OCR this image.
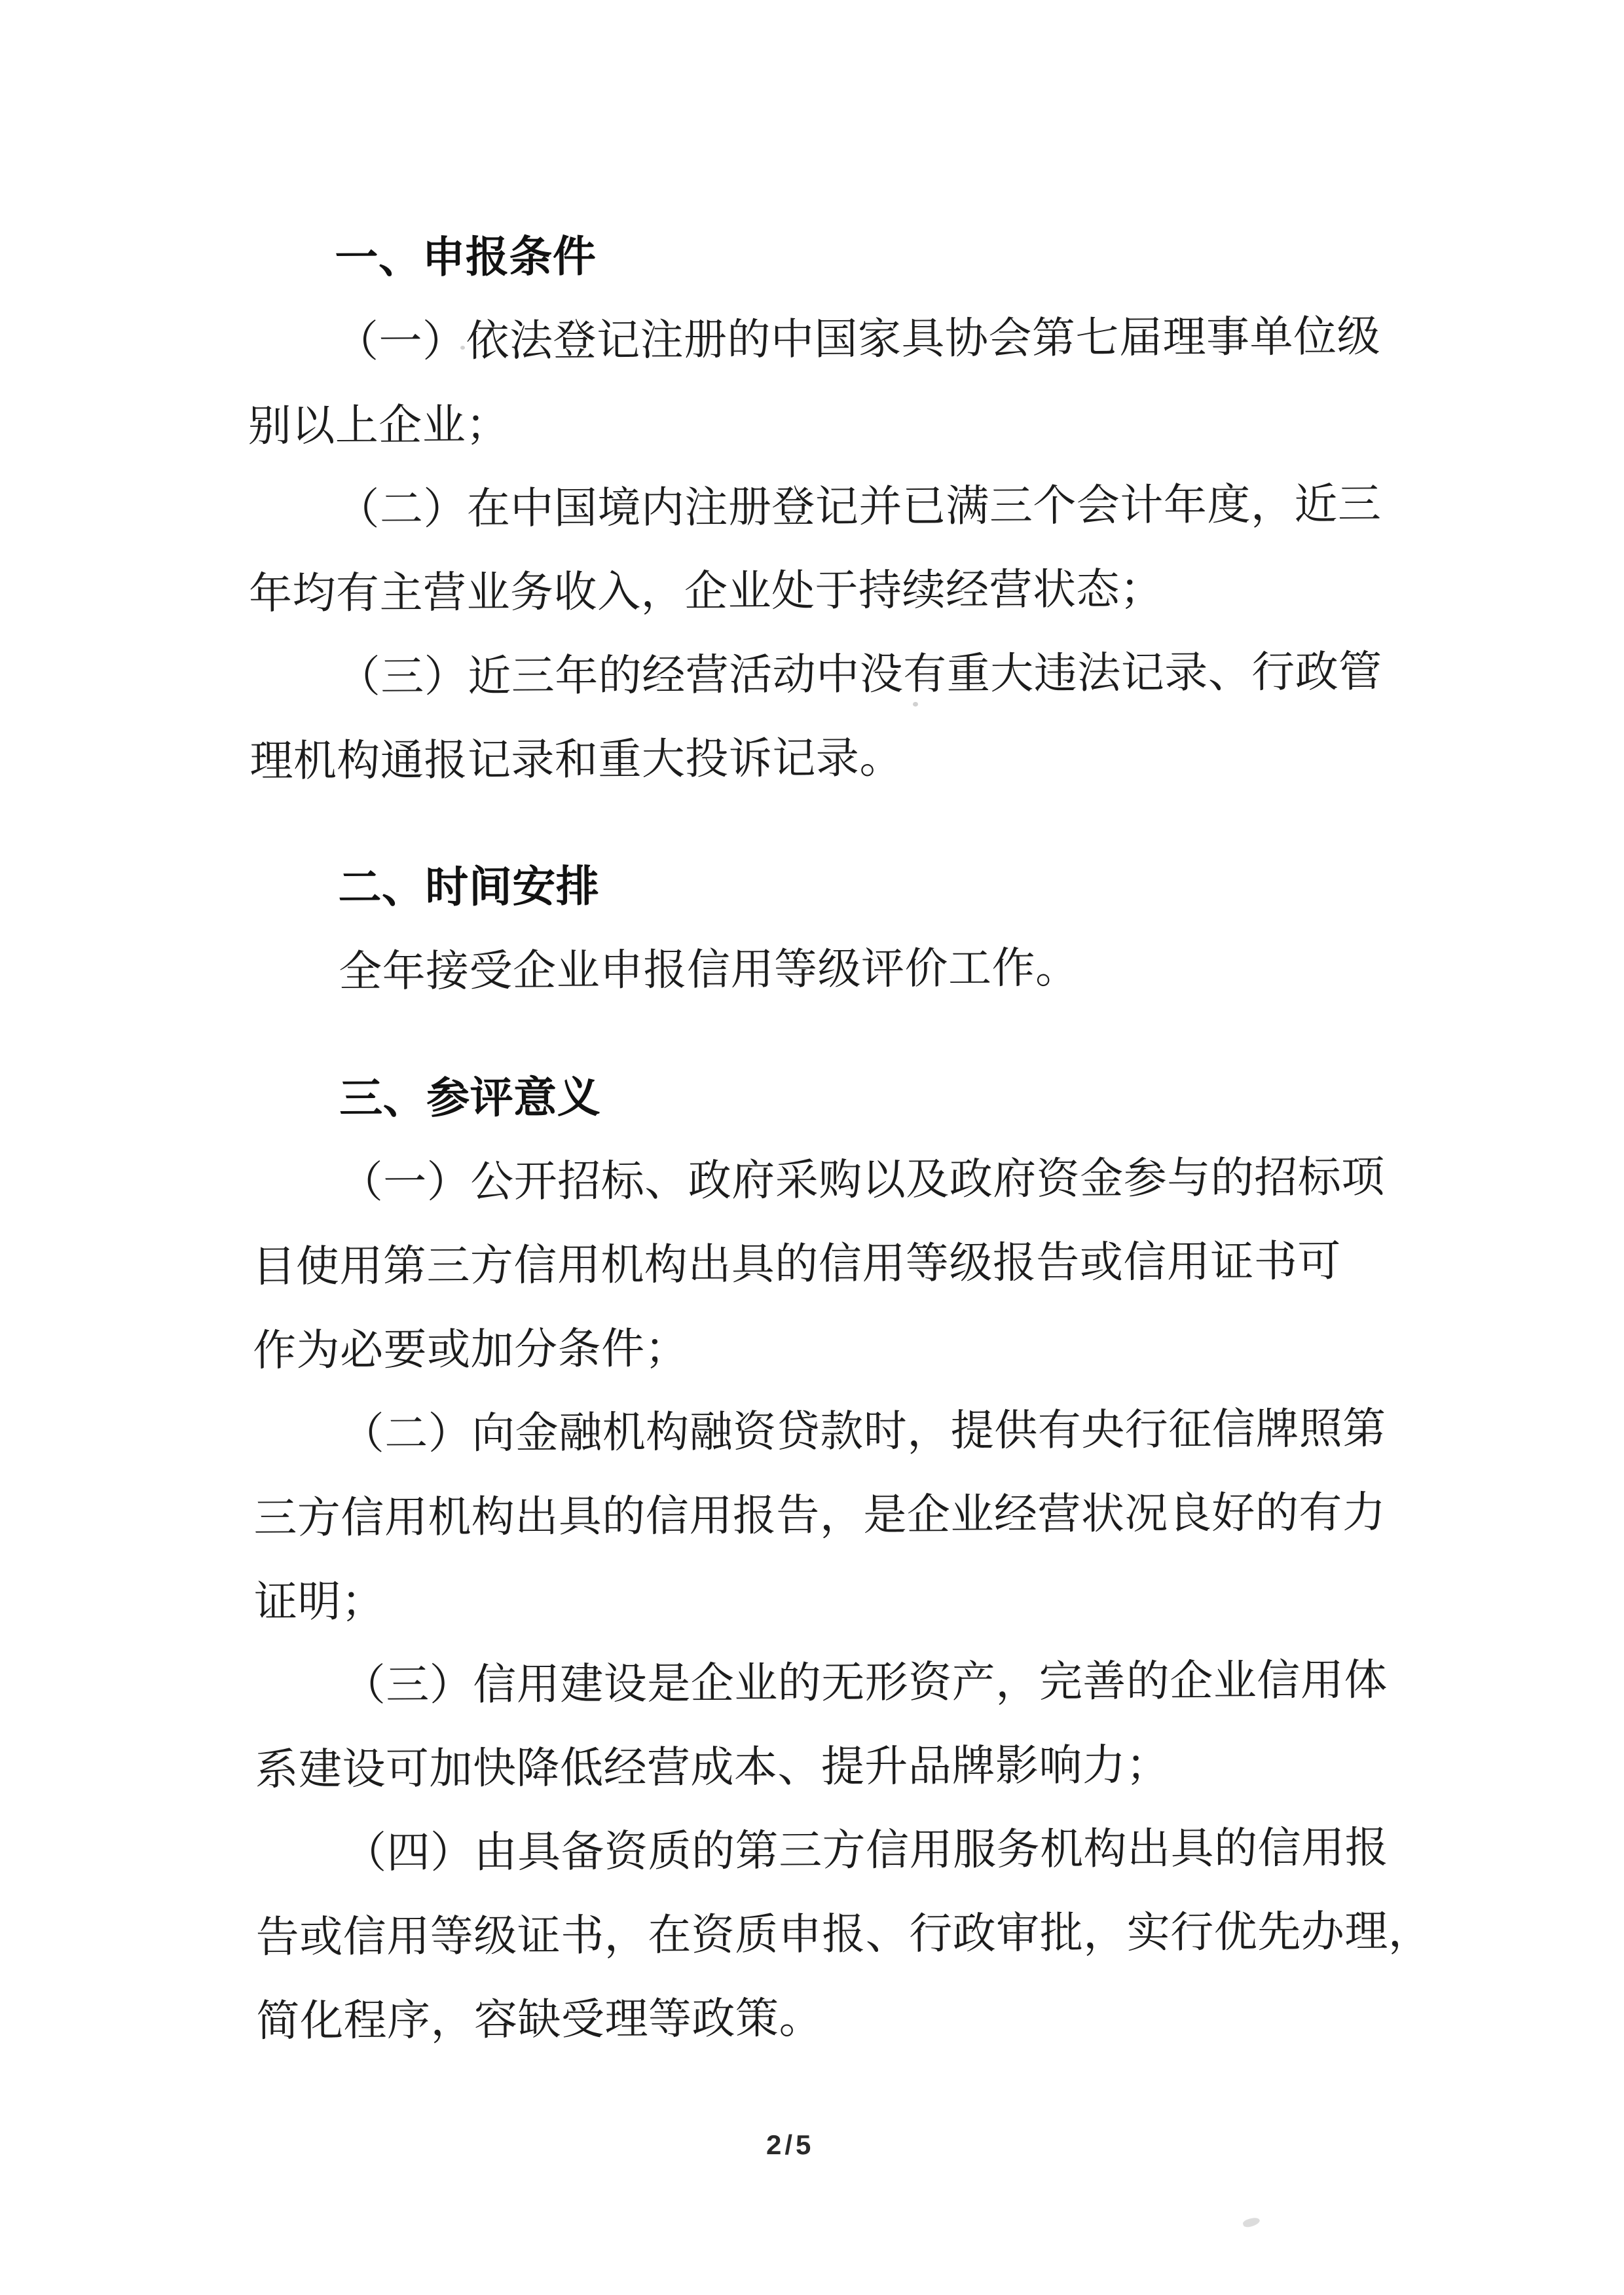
一、申报条件
（一）依法登记注册的中国家具协会第七届理事单位级
别以上企业；
（二）在中国境内注册登记并已满三个会计年度，近三
年均有主营业务收入，企业处于持续经营状态；
（三）近三年的经营活动中没有重大违法记录、行政管
理机构通报记录和重大投诉记录。
二、时间安排
全年接受企业申报信用等级评价工作。
三、参评意义
（一）公开招标、政府采购以及政府资金参与的招标项
目使用第三方信用机构出具的信用等级报告或信用证书可
作为必要或加分条件；
（二）向金融机构融资贷款时，提供有央行征信牌照第
三方信用机构出具的信用报告，是企业经营状况良好的有力
证明；
（三）信用建设是企业的无形资产，完善的企业信用体
系建设可加快降低经营成本、提升品牌影响力；
（四）由具备资质的第三方信用服务机构出具的信用报
告或信用等级证书，在资质申报、行政审批，实行优先办理，
简化程序，容缺受理等政策。
2/5
